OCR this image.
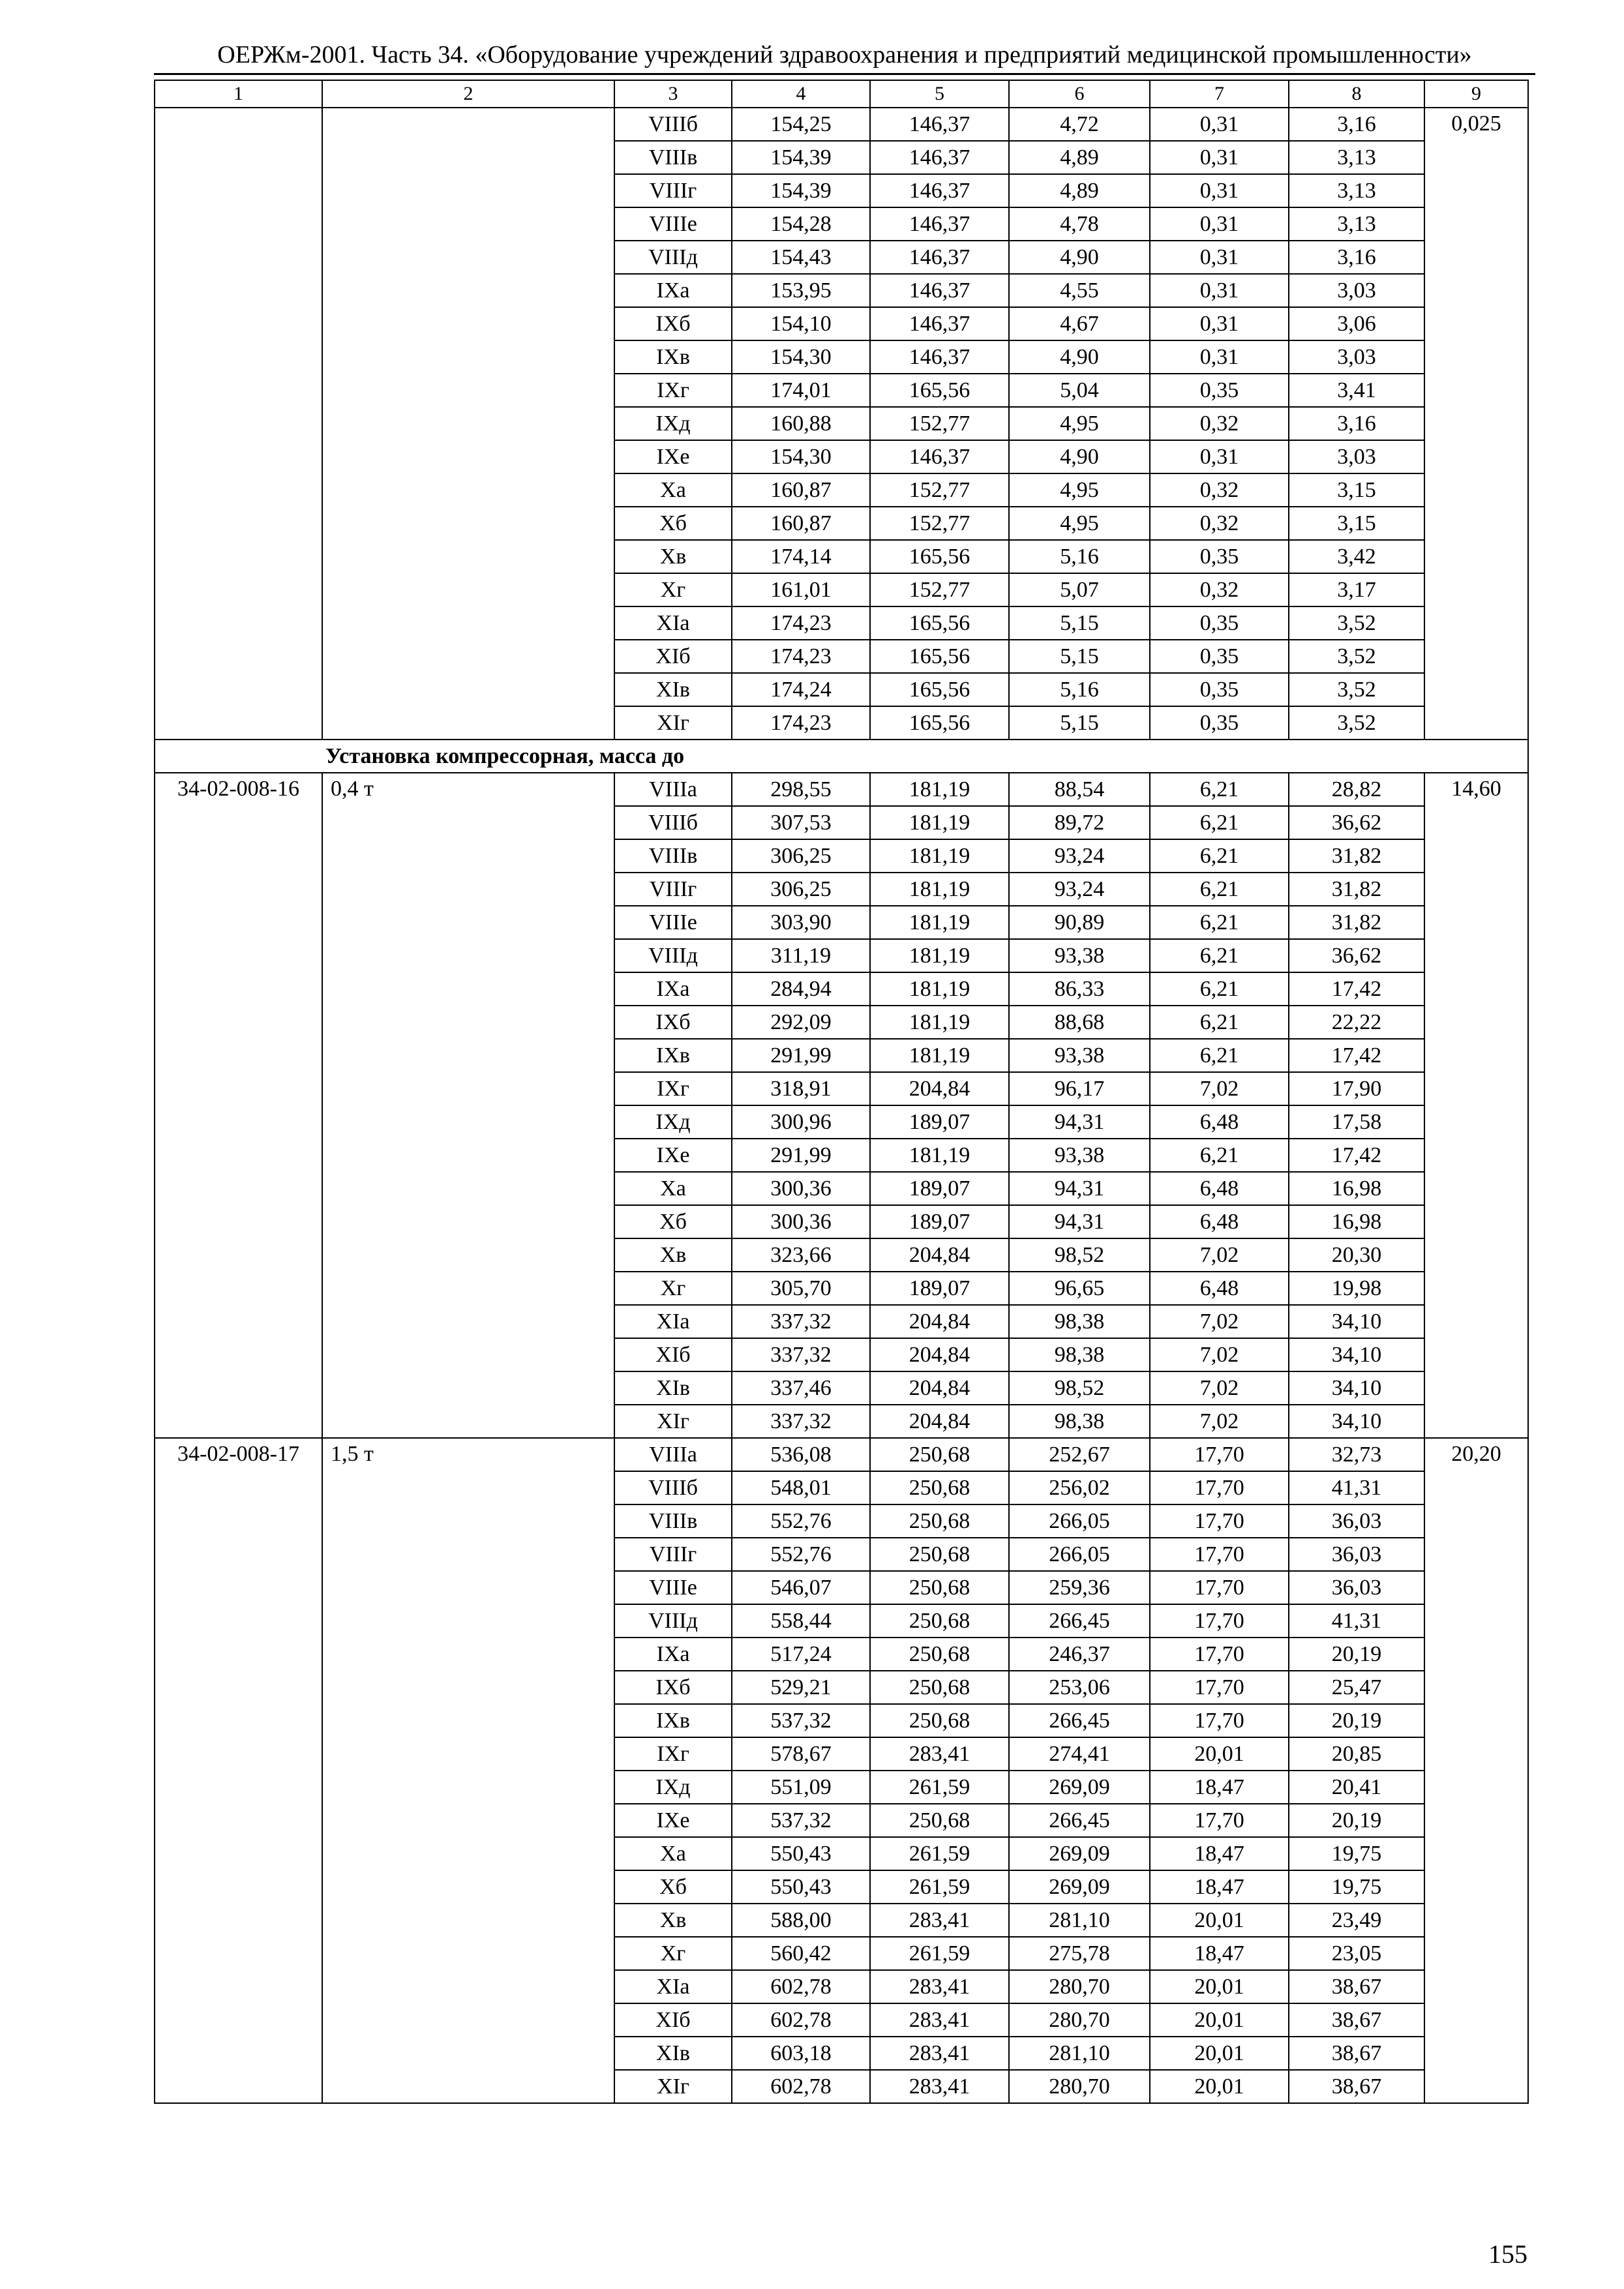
ОЕРЖм-2001. Часть 34. «Оборудование учреждений здравоохранения и предприятий медицинской промышленности»
1	2	3	4	5	6	7	8	9
		VIIIб	154,25	146,37	4,72	0,31	3,16	0,025
		VIIIв	154,39	146,37	4,89	0,31	3,13	
		VIIIг	154,39	146,37	4,89	0,31	3,13	
		VIIIе	154,28	146,37	4,78	0,31	3,13	
		VIIIд	154,43	146,37	4,90	0,31	3,16	
		IXа	153,95	146,37	4,55	0,31	3,03	
		IXб	154,10	146,37	4,67	0,31	3,06	
		IXв	154,30	146,37	4,90	0,31	3,03	
		IXг	174,01	165,56	5,04	0,35	3,41	
		IXд	160,88	152,77	4,95	0,32	3,16	
		IXе	154,30	146,37	4,90	0,31	3,03	
		Xа	160,87	152,77	4,95	0,32	3,15	
		Xб	160,87	152,77	4,95	0,32	3,15	
		Xв	174,14	165,56	5,16	0,35	3,42	
		Xг	161,01	152,77	5,07	0,32	3,17	
		XIа	174,23	165,56	5,15	0,35	3,52	
		XIб	174,23	165,56	5,15	0,35	3,52	
		XIв	174,24	165,56	5,16	0,35	3,52	
		XIг	174,23	165,56	5,15	0,35	3,52	
Установка компрессорная, масса до								
34-02-008-16	0,4 т	VIIIа	298,55	181,19	88,54	6,21	28,82	14,60
		VIIIб	307,53	181,19	89,72	6,21	36,62	
		VIIIв	306,25	181,19	93,24	6,21	31,82	
		VIIIг	306,25	181,19	93,24	6,21	31,82	
		VIIIе	303,90	181,19	90,89	6,21	31,82	
		VIIIд	311,19	181,19	93,38	6,21	36,62	
		IXа	284,94	181,19	86,33	6,21	17,42	
		IXб	292,09	181,19	88,68	6,21	22,22	
		IXв	291,99	181,19	93,38	6,21	17,42	
		IXг	318,91	204,84	96,17	7,02	17,90	
		IXд	300,96	189,07	94,31	6,48	17,58	
		IXе	291,99	181,19	93,38	6,21	17,42	
		Xа	300,36	189,07	94,31	6,48	16,98	
		Xб	300,36	189,07	94,31	6,48	16,98	
		Xв	323,66	204,84	98,52	7,02	20,30	
		Xг	305,70	189,07	96,65	6,48	19,98	
		XIа	337,32	204,84	98,38	7,02	34,10	
		XIб	337,32	204,84	98,38	7,02	34,10	
		XIв	337,46	204,84	98,52	7,02	34,10	
		XIг	337,32	204,84	98,38	7,02	34,10	
34-02-008-17	1,5 т	VIIIа	536,08	250,68	252,67	17,70	32,73	20,20
		VIIIб	548,01	250,68	256,02	17,70	41,31	
		VIIIв	552,76	250,68	266,05	17,70	36,03	
		VIIIг	552,76	250,68	266,05	17,70	36,03	
		VIIIе	546,07	250,68	259,36	17,70	36,03	
		VIIIд	558,44	250,68	266,45	17,70	41,31	
		IXа	517,24	250,68	246,37	17,70	20,19	
		IXб	529,21	250,68	253,06	17,70	25,47	
		IXв	537,32	250,68	266,45	17,70	20,19	
		IXг	578,67	283,41	274,41	20,01	20,85	
		IXд	551,09	261,59	269,09	18,47	20,41	
		IXе	537,32	250,68	266,45	17,70	20,19	
		Xа	550,43	261,59	269,09	18,47	19,75	
		Xб	550,43	261,59	269,09	18,47	19,75	
		Xв	588,00	283,41	281,10	20,01	23,49	
		Xг	560,42	261,59	275,78	18,47	23,05	
		XIа	602,78	283,41	280,70	20,01	38,67	
		XIб	602,78	283,41	280,70	20,01	38,67	
		XIв	603,18	283,41	281,10	20,01	38,67	
		XIг	602,78	283,41	280,70	20,01	38,67	
155
